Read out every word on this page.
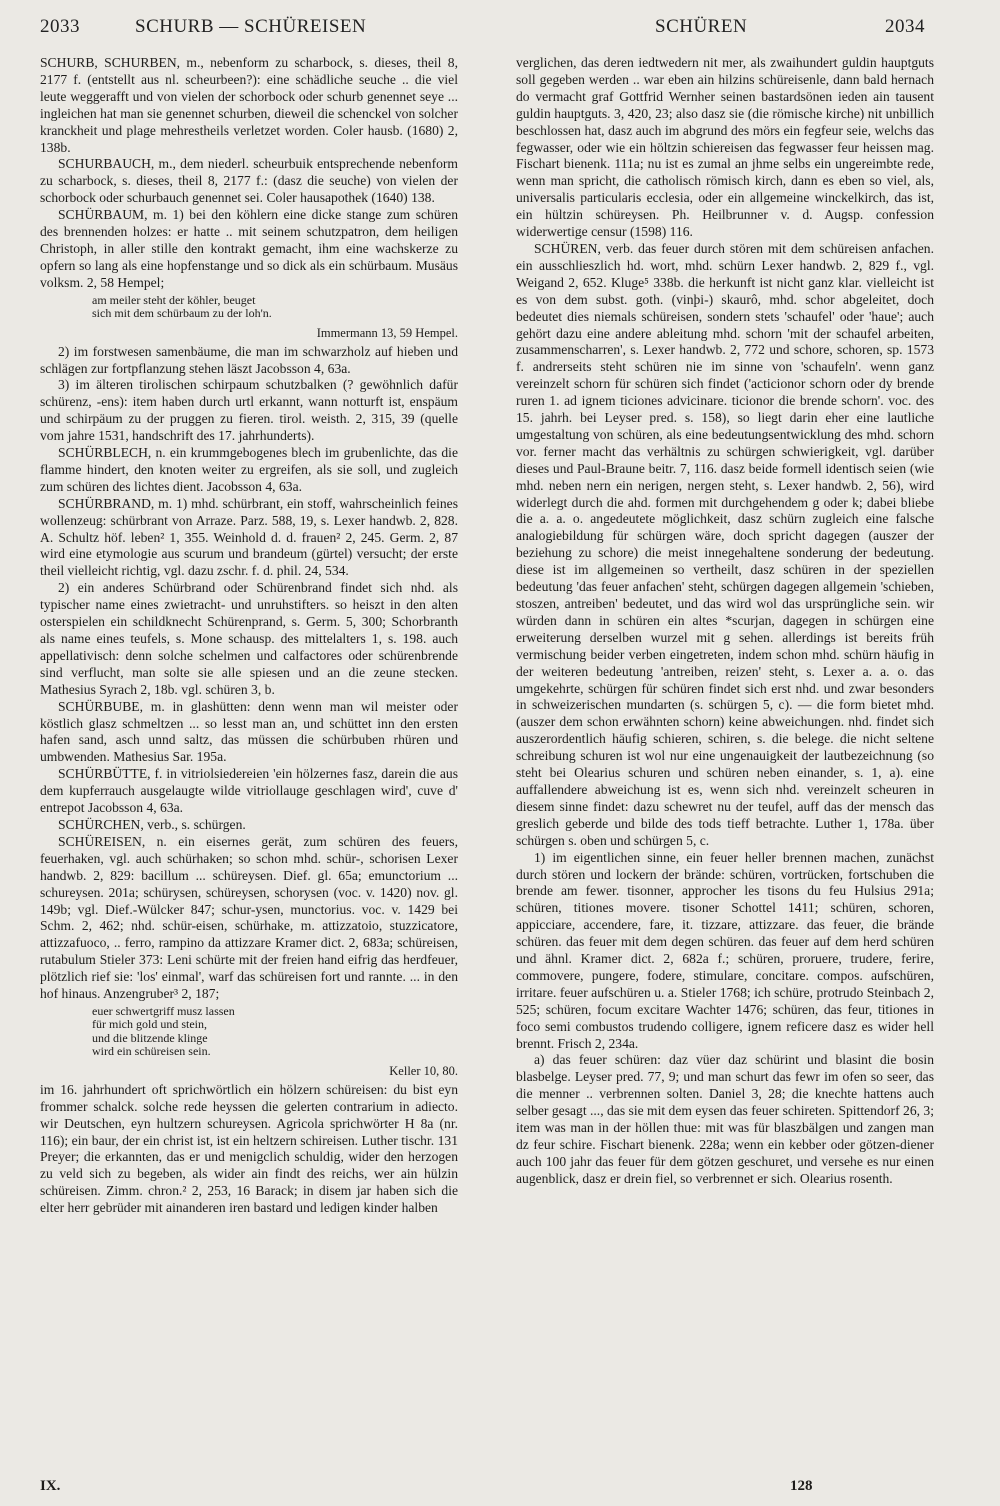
2033	SCHURB — SCHÜREISEN	SCHÜREN	2034

SCHURB, SCHURBEN, m., nebenform zu scharbock, s. dieses, theil 8, 2177 f. (entstellt aus nl. scheurbeen?): eine schädliche seuche .. die viel leute weggerafft und von vielen der schorbock oder schurb genennet seye ... ingleichen hat man sie genennet schurben, dieweil die schenckel von solcher kranckheit und plage mehrestheils verletzet worden. Coler hausb. (1680) 2, 138b.

SCHURBAUCH, m., dem niederl. scheurbuik entsprechende nebenform zu scharbock, s. dieses, theil 8, 2177 f.: (dasz die seuche) von vielen der schorbock oder schurbauch genennet sei. Coler hausapothek (1640) 138.

SCHÜRBAUM, m. 1) bei den köhlern eine dicke stange zum schüren des brennenden holzes: er hatte .. mit seinem schutzpatron, dem heiligen Christoph, in aller stille den kontrakt gemacht, ihm eine wachskerze zu opfern so lang als eine hopfenstange und so dick als ein schürbaum. Musäus volksm. 2, 58 Hempel;

am meiler steht der köhler, beuget
sich mit dem schürbaum zu der loh'n.
Immermann 13, 59 Hempel.

2) im forstwesen samenbäume, die man im schwarzholz auf hieben und schlägen zur fortpflanzung stehen läszt Jacobsson 4, 63a.

3) im älteren tirolischen schirpaum schutzbalken (? gewöhnlich dafür schürenz, -ens): item haben durch urtl erkannt, wann notturft ist, enspäum und schirpäum zu der pruggen zu fieren. tirol. weisth. 2, 315, 39 (quelle vom jahre 1531, handschrift des 17. jahrhunderts).

SCHÜRBLECH, n. ein krummgebogenes blech im grubenlichte, das die flamme hindert, den knoten weiter zu ergreifen, als sie soll, und zugleich zum schüren des lichtes dient. Jacobsson 4, 63a.

SCHÜRBRAND, m. 1) mhd. schürbrant, ein stoff, wahrscheinlich feines wollenzeug: schürbrant von Arraze. Parz. 588, 19, s. Lexer handwb. 2, 828. A. Schultz höf. leben² 1, 355. Weinhold d. d. frauen² 2, 245. Germ. 2, 87 wird eine etymologie aus scurum und brandeum (gürtel) versucht; der erste theil vielleicht richtig, vgl. dazu zschr. f. d. phil. 24, 534.

2) ein anderes Schürbrand oder Schürenbrand findet sich nhd. als typischer name eines zwietracht- und unruhstifters. so heiszt in den alten osterspielen ein schildknecht Schürenprand, s. Germ. 5, 300; Schorbranth als name eines teufels, s. Mone schausp. des mittelalters 1, s. 198. auch appellativisch: denn solche schelmen und calfactores oder schürenbrende sind verflucht, man solte sie alle spiesen und an die zeune stecken. Mathesius Syrach 2, 18b. vgl. schüren 3, b.

SCHÜRBUBE, m. in glashütten: denn wenn man wil meister oder köstlich glasz schmeltzen ... so lesst man an, und schüttet inn den ersten hafen sand, asch unnd saltz, das müssen die schürbuben rhüren und umbwenden. Mathesius Sar. 195a.

SCHÜRBÜTTE, f. in vitriolsiedereien 'ein hölzernes fasz, darein die aus dem kupferrauch ausgelaugte wilde vitriollauge geschlagen wird', cuve d' entrepot Jacobsson 4, 63a.

SCHÜRCHEN, verb., s. schürgen.

SCHÜREISEN, n. ein eisernes gerät, zum schüren des feuers, feuerhaken, vgl. auch schürhaken; so schon mhd. schür-, schorisen Lexer handwb. 2, 829: bacillum ... schüreysen. Dief. gl. 65a; emunctorium ... schureysen. 201a; schürysen, schüreysen, schorysen (voc. v. 1420) nov. gl. 149b; vgl. Dief.-Wülcker 847; schur-ysen, munctorius. voc. v. 1429 bei Schm. 2, 462; nhd. schür-eisen, schürhake, m. attizzatoio, stuzzicatore, attizzafuoco, .. ferro, rampino da attizzare Kramer dict. 2, 683a; schüreisen, rutabulum Stieler 373: Leni schürte mit der freien hand eifrig das herdfeuer, plötzlich rief sie: 'los' einmal', warf das schüreisen fort und rannte. ... in den hof hinaus. Anzengruber³ 2, 187;

euer schwertgriff musz lassen
für mich gold und stein,
und die blitzende klinge
wird ein schüreisen sein.
Keller 10, 80.

im 16. jahrhundert oft sprichwörtlich ein hölzern schüreisen: du bist eyn frommer schalck. solche rede heyssen die gelerten contrarium in adiecto. wir Deutschen, eyn hultzern schureysen. Agricola sprichwörter H 8a (nr. 116); ein baur, der ein christ ist, ist ein heltzern schireisen. Luther tischr. 131 Preyer; die erkannten, das er und menigclich schuldig, wider den herzogen zu veld sich zu begeben, als wider ain findt des reichs, wer ain hülzin schüreisen. Zimm. chron.² 2, 253, 16 Barack; in disem jar haben sich die elter herr gebrüder mit ainanderen iren bastard und ledigen kinder halben

verglichen, das deren iedtwedern nit mer, als zwaihundert guldin hauptguts soll gegeben werden .. war eben ain hilzins schüreisenle, dann bald hernach do vermacht graf Gottfrid Wernher seinen bastardsönen ieden ain tausent guldin hauptguts. 3, 420, 23; also dasz sie (die römische kirche) nit unbillich beschlossen hat, dasz auch im abgrund des mörs ein fegfeur seie, welchs das fegwasser, oder wie ein höltzin schiereisen das fegwasser feur heissen mag. Fischart bienenk. 111a; nu ist es zumal an jhme selbs ein ungereimbte rede, wenn man spricht, die catholisch römisch kirch, dann es eben so viel, als, universalis particularis ecclesia, oder ein allgemeine winckelkirch, das ist, ein hültzin schüreysen. Ph. Heilbrunner v. d. Augsp. confession widerwertige censur (1598) 116.

SCHÜREN, verb. das feuer durch stören mit dem schüreisen anfachen. ein ausschlieszlich hd. wort, mhd. schürn Lexer handwb. 2, 829 f., vgl. Weigand 2, 652. Kluge⁵ 338b. die herkunft ist nicht ganz klar. vielleicht ist es von dem subst. goth. (vinþi-) skaurô, mhd. schor abgeleitet, doch bedeutet dies niemals schüreisen, sondern stets 'schaufel' oder 'haue'; auch gehört dazu eine andere ableitung mhd. schorn 'mit der schaufel arbeiten, zusammenscharren', s. Lexer handwb. 2, 772 und schore, schoren, sp. 1573 f. andrerseits steht schüren nie im sinne von 'schaufeln'. wenn ganz vereinzelt schorn für schüren sich findet ('acticionor schorn oder dy brende ruren 1. ad ignem ticiones advicinare. ticionor die brende schorn'. voc. des 15. jahrh. bei Leyser pred. s. 158), so liegt darin eher eine lautliche umgestaltung von schüren, als eine bedeutungsentwicklung des mhd. schorn vor. ferner macht das verhältnis zu schürgen schwierigkeit, vgl. darüber dieses und Paul-Braune beitr. 7, 116. dasz beide formell identisch seien (wie mhd. neben nern ein nerigen, nergen steht, s. Lexer handwb. 2, 56), wird widerlegt durch die ahd. formen mit durchgehendem g oder k; dabei bliebe die a. a. o. angedeutete möglichkeit, dasz schürn zugleich eine falsche analogiebildung für schürgen wäre, doch spricht dagegen (auszer der beziehung zu schore) die meist innegehaltene sonderung der bedeutung. diese ist im allgemeinen so vertheilt, dasz schüren in der speziellen bedeutung 'das feuer anfachen' steht, schürgen dagegen allgemein 'schieben, stoszen, antreiben' bedeutet, und das wird wol das ursprüngliche sein. wir würden dann in schüren ein altes *scurjan, dagegen in schürgen eine erweiterung derselben wurzel mit g sehen. allerdings ist bereits früh vermischung beider verben eingetreten, indem schon mhd. schürn häufig in der weiteren bedeutung 'antreiben, reizen' steht, s. Lexer a. a. o. das umgekehrte, schürgen für schüren findet sich erst nhd. und zwar besonders in schweizerischen mundarten (s. schürgen 5, c). — die form bietet mhd. (auszer dem schon erwähnten schorn) keine abweichungen. nhd. findet sich auszerordentlich häufig schieren, schiren, s. die belege. die nicht seltene schreibung schuren ist wol nur eine ungenauigkeit der lautbezeichnung (so steht bei Olearius schuren und schüren neben einander, s. 1, a). eine auffallendere abweichung ist es, wenn sich nhd. vereinzelt scheuren in diesem sinne findet: dazu schewret nu der teufel, auff das der mensch das greslich geberde und bilde des tods tieff betrachte. Luther 1, 178a. über schürgen s. oben und schürgen 5, c.

1) im eigentlichen sinne, ein feuer heller brennen machen, zunächst durch stören und lockern der brände: schüren, vortrücken, fortschuben die brende am fewer. tisonner, approcher les tisons du feu Hulsius 291a; schüren, titiones movere. tisoner Schottel 1411; schüren, schoren, appicciare, accendere, fare, it. tizzare, attizzare. das feuer, die brände schüren. das feuer mit dem degen schüren. das feuer auf dem herd schüren und ähnl. Kramer dict. 2, 682a f.; schüren, proruere, trudere, ferire, commovere, pungere, fodere, stimulare, concitare. compos. aufschüren, irritare. feuer aufschüren u. a. Stieler 1768; ich schüre, protrudo Steinbach 2, 525; schüren, focum excitare Wachter 1476; schüren, das feur, titiones in foco semi combustos trudendo colligere, ignem reficere dasz es wider hell brennt. Frisch 2, 234a.

a) das feuer schüren: daz vüer daz schürint und blasint die bosin blasbelge. Leyser pred. 77, 9; und man schurt das fewr im ofen so seer, das die menner .. verbrennen solten. Daniel 3, 28; die knechte hattens auch selber gesagt ..., das sie mit dem eysen das feuer schireten. Spittendorf 26, 3; item was man in der höllen thue: mit was für blaszbälgen und zangen man dz feur schire. Fischart bienenk. 228a; wenn ein kebber oder götzen-diener auch 100 jahr das feuer für dem götzen geschuret, und versehe es nur einen augenblick, dasz er drein fiel, so verbrennet er sich. Olearius rosenth.

IX.	128
